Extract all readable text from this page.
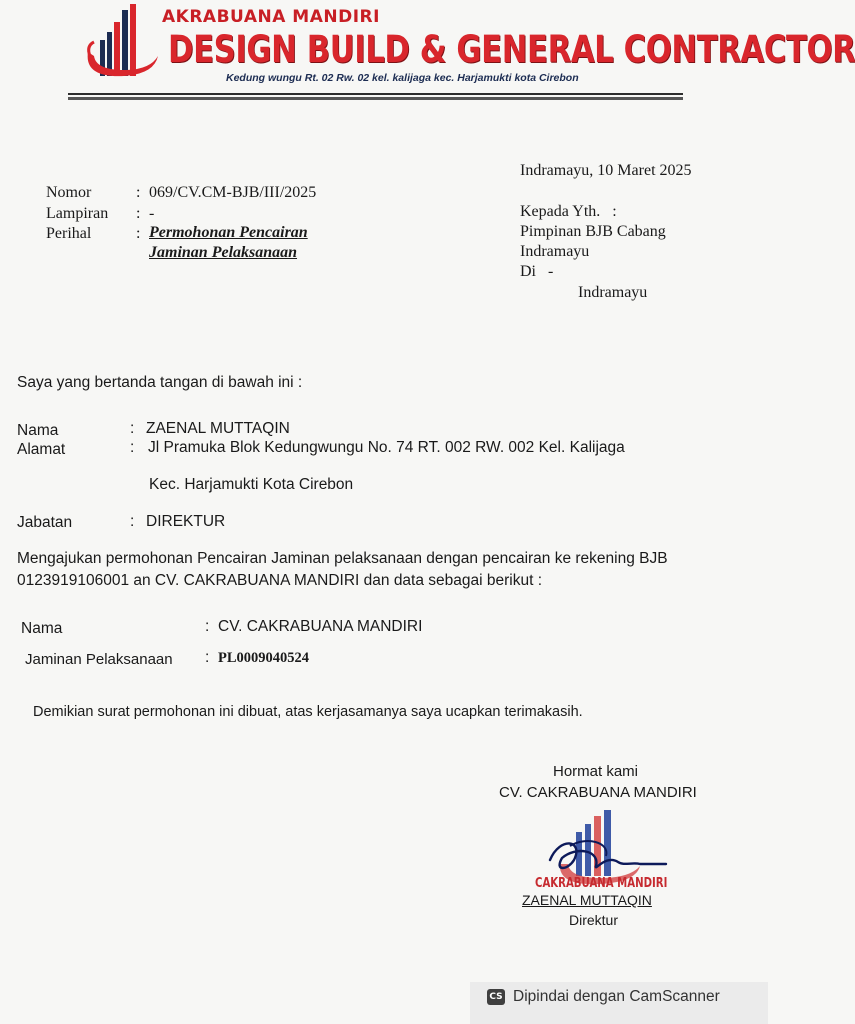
AKRABUANA MANDIRI
DESIGN BUILD & GENERAL CONTRACTOR
Kedung wungu Rt. 02 Rw. 02 kel. kalijaga kec. Harjamukti kota Cirebon
Nomor	: 069/CV.CM-BJB/III/2025
Lampiran : -
Perihal	: Permohonan Pencairan
Jaminan Pelaksanaan
Indramayu, 10 Maret 2025
Kepada Yth.   :
Pimpinan BJB Cabang
Indramayu
Di   -
Indramayu
Saya yang bertanda tangan di bawah ini :
Nama	: ZAENAL MUTTAQIN
Alamat	: Jl Pramuka Blok Kedungwungu No. 74 RT. 002 RW. 002 Kel. Kalijaga
Kec. Harjamukti Kota Cirebon
Jabatan	: DIREKTUR
Mengajukan permohonan Pencairan Jaminan pelaksanaan dengan pencairan ke rekening BJB
0123919106001 an CV. CAKRABUANA MANDIRI dan data sebagai berikut :
Nama	: CV. CAKRABUANA MANDIRI
Jaminan Pelaksanaan : PL0009040524
Demikian surat permohonan ini dibuat, atas kerjasamanya saya ucapkan terimakasih.
Hormat kami
CV. CAKRABUANA MANDIRI
CAKRABUANA MANDIRI
ZAENAL MUTTAQIN
Direktur
CS Dipindai dengan CamScanner
